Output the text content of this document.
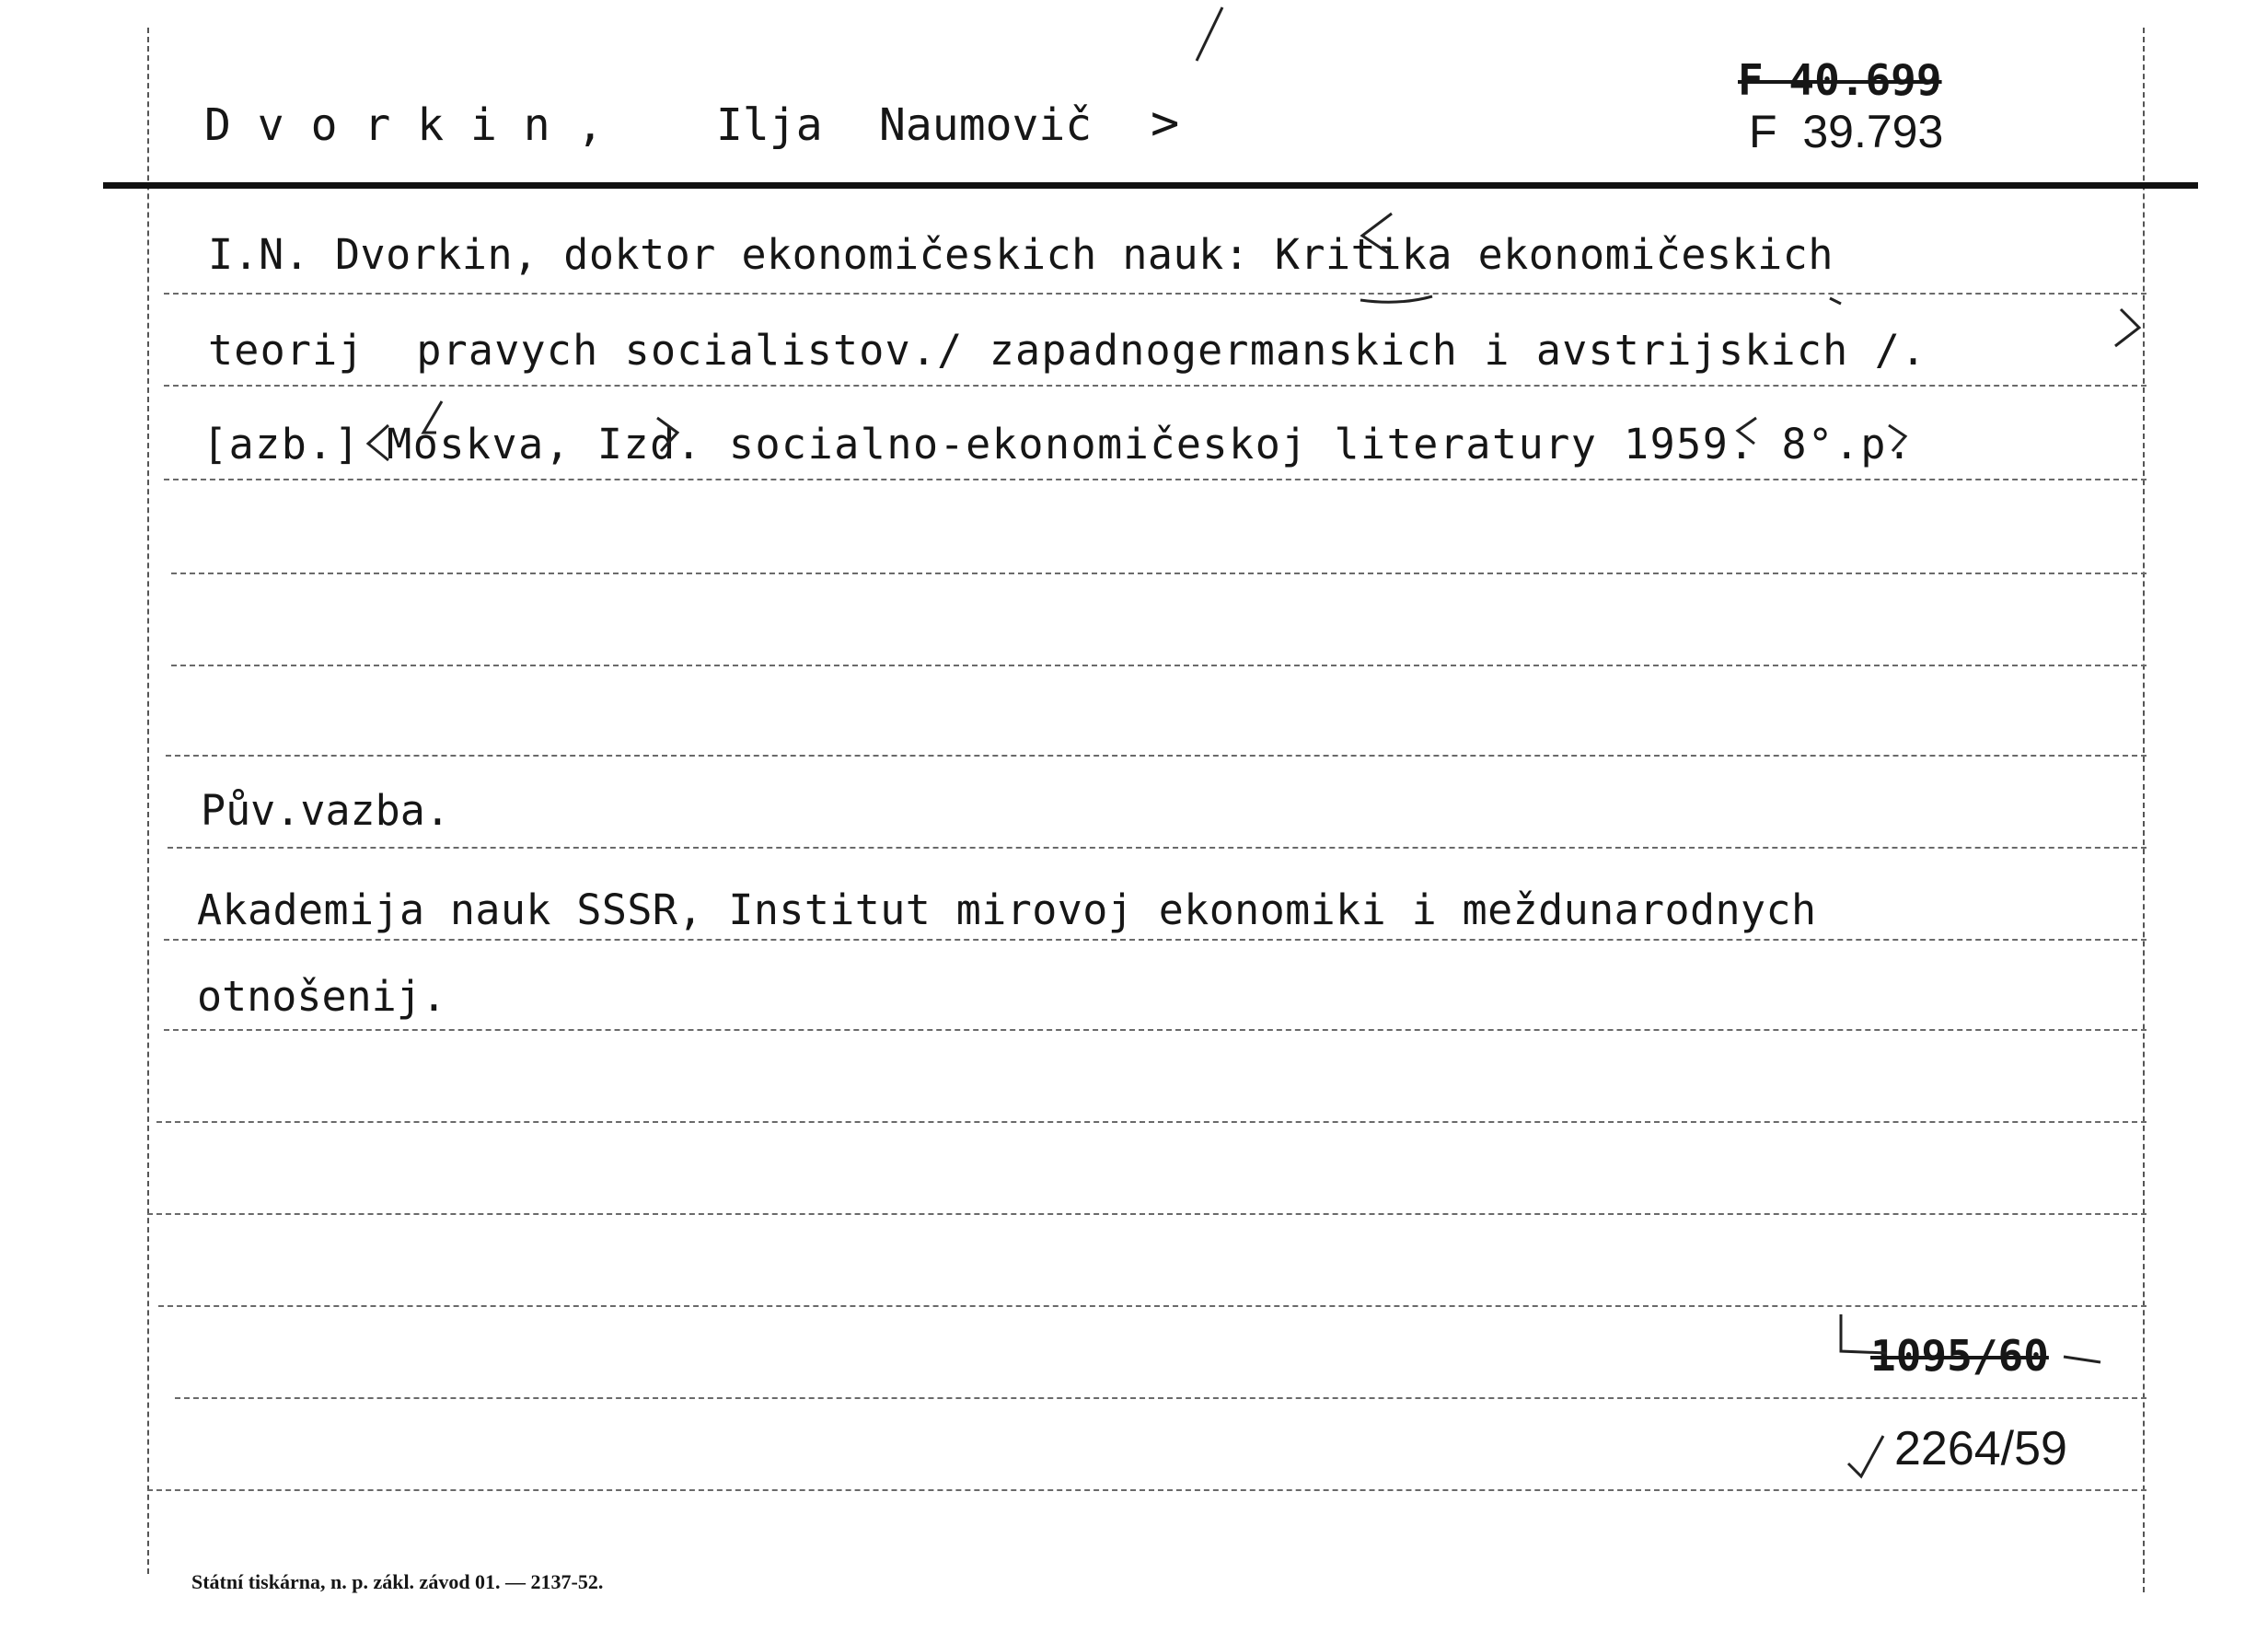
D v o r k i n ,	Ilja Naumovič >
F 40.699
F  39.793
I.N. Dvorkin, doktor ekonomičeskich nauk: Kritika ekonomičeskich
teorij  pravych socialistov./ zapadnogermanskich i avstrijskich /.
[azb.] Moskva, Izd. socialno-ekonomičeskoj literatury 1959. 8°.p.
Pův.vazba.
Akademija nauk SSSR, Institut mirovoj ekonomiki i meždunarodnych
otnošenij.
1095/60
2264/59
Státní tiskárna, n. p. zákl. závod 01. — 2137-52.
